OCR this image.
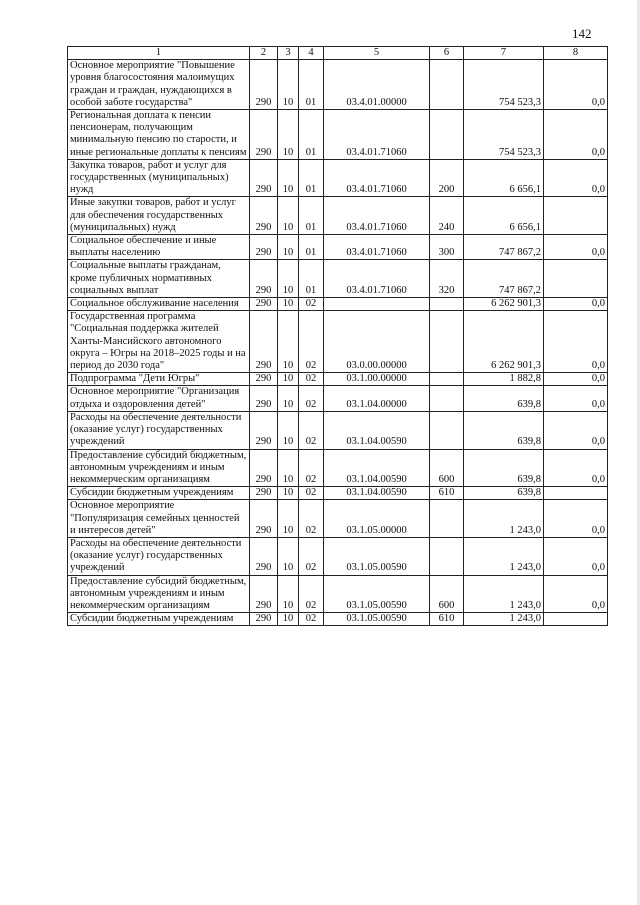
142
1	2	3	4	5	6	7	8
Основное мероприятие "Повышение уровня благосостояния малоимущих граждан и граждан, нуждающихся в особой заботе государства"	290	10	01	03.4.01.00000		754 523,3	0,0
Региональная доплата к пенсии пенсионерам, получающим минимальную пенсию по старости, и иные региональные доплаты к пенсиям	290	10	01	03.4.01.71060		754 523,3	0,0
Закупка товаров, работ и услуг для государственных (муниципальных) нужд	290	10	01	03.4.01.71060	200	6 656,1	0,0
Иные закупки товаров, работ и услуг для обеспечения государственных (муниципальных) нужд	290	10	01	03.4.01.71060	240	6 656,1	
Социальное обеспечение и иные выплаты населению	290	10	01	03.4.01.71060	300	747 867,2	0,0
Социальные выплаты гражданам, кроме публичных нормативных социальных выплат	290	10	01	03.4.01.71060	320	747 867,2	
Социальное обслуживание населения	290	10	02			6 262 901,3	0,0
Государственная программа "Социальная поддержка жителей Ханты-Мансийского автономного округа – Югры на 2018–2025 годы и на период до 2030 года"	290	10	02	03.0.00.00000		6 262 901,3	0,0
Подпрограмма "Дети Югры"	290	10	02	03.1.00.00000		1 882,8	0,0
Основное мероприятие "Организация отдыха и оздоровления детей"	290	10	02	03.1.04.00000		639,8	0,0
Расходы на обеспечение деятельности (оказание услуг) государственных учреждений	290	10	02	03.1.04.00590		639,8	0,0
Предоставление субсидий бюджетным, автономным учреждениям и иным некоммерческим организациям	290	10	02	03.1.04.00590	600	639,8	0,0
Субсидии бюджетным учреждениям	290	10	02	03.1.04.00590	610	639,8	
Основное мероприятие "Популяризация семейных ценностей и интересов детей"	290	10	02	03.1.05.00000		1 243,0	0,0
Расходы на обеспечение деятельности (оказание услуг) государственных учреждений	290	10	02	03.1.05.00590		1 243,0	0,0
Предоставление субсидий бюджетным, автономным учреждениям и иным некоммерческим организациям	290	10	02	03.1.05.00590	600	1 243,0	0,0
Субсидии бюджетным учреждениям	290	10	02	03.1.05.00590	610	1 243,0	
